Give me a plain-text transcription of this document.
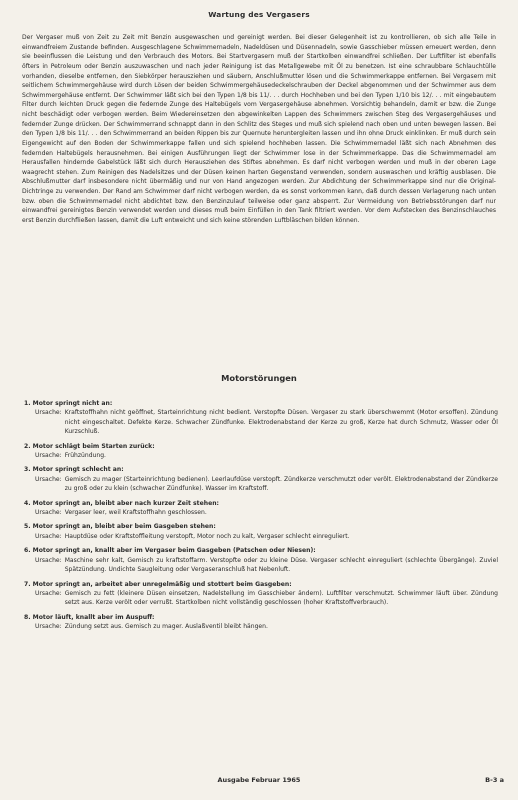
Wartung des Vergasers

Der Vergaser muß von Zeit zu Zeit mit Benzin ausgewaschen und gereinigt werden. Bei dieser Gelegenheit ist zu kontrollieren, ob sich alle Teile in einwandfreiem Zustande befinden. Ausgeschlagene Schwimmernadeln, Nadeldüsen und Düsennadeln, sowie Gasschieber müssen erneuert werden, denn sie beeinflussen die Leistung und den Verbrauch des Motors. Bei Startvergasern muß der Startkolben einwandfrei schließen. Der Luftfilter ist ebenfalls öfters in Petroleum oder Benzin auszuwaschen und nach jeder Reinigung ist das Metallgewebe mit Öl zu benetzen. Ist eine schraubbare Schlauchtülle vorhanden, dieselbe entfernen, den Siebkörper herausziehen und säubern, Anschlußmutter lösen und die Schwimmerkappe entfernen. Bei Vergasern mit seitlichem Schwimmergehäuse wird durch Lösen der beiden Schwimmergehäusedeckelschrauben der Deckel abgenommen und der Schwimmer aus dem Schwimmergehäuse entfernt. Der Schwimmer läßt sich bei den Typen 1/8 bis 11/. . . durch Hochheben und bei den Typen 1/10 bis 12/. . . mit eingebautem Filter durch leichten Druck gegen die federnde Zunge des Haltebügels vom Vergasergehäuse abnehmen. Vorsichtig behandeln, damit er bzw. die Zunge nicht beschädigt oder verbogen werden. Beim Wiedereinsetzen den abgewinkelten Lappen des Schwimmers zwischen Steg des Vergasergehäuses und federnder Zunge drücken. Der Schwimmerrand schnappt dann in den Schlitz des Steges und muß sich spielend nach oben und unten bewegen lassen. Bei den Typen 1/8 bis 11/. . . den Schwimmerrand an beiden Rippen bis zur Quernute heruntergleiten lassen und ihn ohne Druck einklinken. Er muß durch sein Eigengewicht auf den Boden der Schwimmerkappe fallen und sich spielend hochheben lassen. Die Schwimmernadel läßt sich nach Abnehmen des federnden Haltebügels herausnehmen. Bei einigen Ausführungen liegt der Schwimmer lose in der Schwimmerkappe. Das die Schwimmernadel am Herausfallen hindernde Gabelstück läßt sich durch Herausziehen des Stiftes abnehmen. Es darf nicht verbogen werden und muß in der oberen Lage waagrecht stehen. Zum Reinigen des Nadelsitzes und der Düsen keinen harten Gegenstand verwenden, sondern auswaschen und kräftig ausblasen. Die Abschlußmutter darf insbesondere nicht übermäßig und nur von Hand angezogen werden. Zur Abdichtung der Schwimmerkappe sind nur die Original-Dichtringe zu verwenden. Der Rand am Schwimmer darf nicht verbogen werden, da es sonst vorkommen kann, daß durch dessen Verlagerung nach unten bzw. oben die Schwimmernadel nicht abdichtet bzw. den Benzinzulauf teilweise oder ganz absperrt. Zur Vermeidung von Betriebsstörungen darf nur einwandfrei gereinigtes Benzin verwendet werden und dieses muß beim Einfüllen in den Tank filtriert werden. Vor dem Aufstecken des Benzinschlauches erst Benzin durchfließen lassen, damit die Luft entweicht und sich keine störenden Luftbläschen bilden können.

Motorstörungen
1. Motor springt nicht an:
Ursache: Kraftstoffhahn nicht geöffnet, Starteinrichtung nicht bedient. Verstopfte Düsen. Vergaser zu stark überschwemmt (Motor ersoffen). Zündung nicht eingeschaltet. Defekte Kerze. Schwacher Zündfunke. Elektrodenabstand der Kerze zu groß, Kerze hat durch Schmutz, Wasser oder Öl Kurzschluß.
2. Motor schlägt beim Starten zurück:
Ursache: Frühzündung.
3. Motor springt schlecht an:
Ursache: Gemisch zu mager (Starteinrichtung bedienen). Leerlaufdüse verstopft. Zündkerze verschmutzt oder verölt. Elektrodenabstand der Zündkerze zu groß oder zu klein (schwacher Zündfunke). Wasser im Kraftstoff.
4. Motor springt an, bleibt aber nach kurzer Zeit stehen:
Ursache: Vergaser leer, weil Kraftstoffhahn geschlossen.
5. Motor springt an, bleibt aber beim Gasgeben stehen:
Ursache: Hauptdüse oder Kraftstoffleitung verstopft, Motor noch zu kalt, Vergaser schlecht einreguliert.
6. Motor springt an, knallt aber im Vergaser beim Gasgeben (Patschen oder Niesen):
Ursache: Maschine sehr kalt, Gemisch zu kraftstoffarm. Verstopfte oder zu kleine Düse. Vergaser schlecht einreguliert (schlechte Übergänge). Zuviel Spätzündung. Undichte Saugleitung oder Vergaseranschluß hat Nebenluft.
7. Motor springt an, arbeitet aber unregelmäßig und stottert beim Gasgeben:
Ursache: Gemisch zu fett (kleinere Düsen einsetzen, Nadelstellung im Gasschieber ändern). Luftfilter verschmutzt. Schwimmer läuft über. Zündung setzt aus. Kerze verölt oder verrußt. Startkolben nicht vollständig geschlossen (hoher Kraftstoffverbrauch).
8. Motor läuft, knallt aber im Auspuff:
Ursache: Zündung setzt aus. Gemisch zu mager. Auslaßventil bleibt hängen.
Ausgabe Februar 1965	B-3 a
